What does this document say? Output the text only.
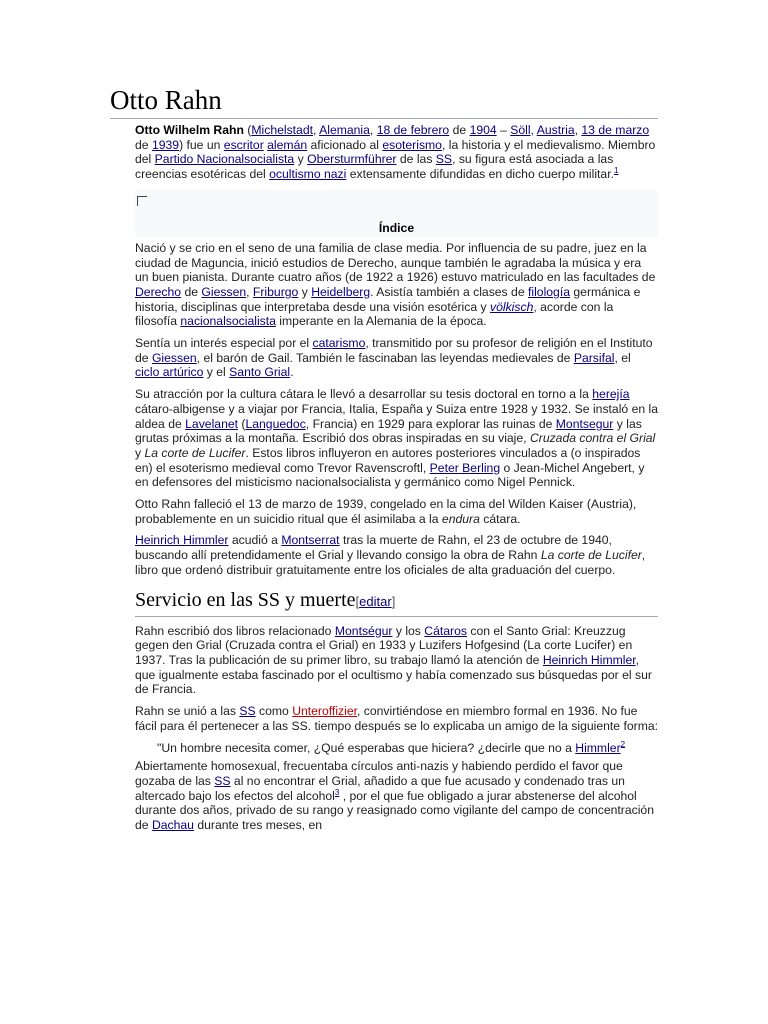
Otto Rahn

Otto Wilhelm Rahn (Michelstadt, Alemania, 18 de febrero de 1904 – Söll, Austria, 13 de marzo de 1939) fue un escritor alemán aficionado al esoterismo, la historia y el medievalismo. Miembro del Partido Nacionalsocialista y Obersturmführer de las SS, su figura está asociada a las creencias esotéricas del ocultismo nazi extensamente difundidas en dicho cuerpo militar.$^1$

Índice

Nació y se crio en el seno de una familia de clase media. Por influencia de su padre, juez en la ciudad de Maguncia, inició estudios de Derecho, aunque también le agradaba la música y era un buen pianista. Durante cuatro años (de 1922 a 1926) estuvo matriculado en las facultades de Derecho de Giessen, Friburgo y Heidelberg. Asistía también a clases de filología germánica e historia, disciplinas que interpretaba desde una visión esotérica y völkisch, acorde con la filosofía nacionalsocialista imperante en la Alemania de la época.

Sentía un interés especial por el catarismo, transmitido por su profesor de religión en el Instituto de Giessen, el barón de Gail. También le fascinaban las leyendas medievales de Parsifal, el ciclo artúrico y el Santo Grial.

Su atracción por la cultura cátara le llevó a desarrollar su tesis doctoral en torno a la herejía cátaro-albigense y a viajar por Francia, Italia, España y Suiza entre 1928 y 1932. Se instaló en la aldea de Lavelanet (Languedoc, Francia) en 1929 para explorar las ruinas de Montsegur y las grutas próximas a la montaña. Escribió dos obras inspiradas en su viaje, Cruzada contra el Grial y La corte de Lucifer. Estos libros influyeron en autores posteriores vinculados a (o inspirados en) el esoterismo medieval como Trevor Ravenscroftl, Peter Berling o Jean-Michel Angebert, y en defensores del misticismo nacionalsocialista y germánico como Nigel Pennick.

Otto Rahn falleció el 13 de marzo de 1939, congelado en la cima del Wilden Kaiser (Austria), probablemente en un suicidio ritual que él asimilaba a la endura cátara.

Heinrich Himmler acudió a Montserrat tras la muerte de Rahn, el 23 de octubre de 1940, buscando allí pretendidamente el Grial y llevando consigo la obra de Rahn La corte de Lucifer, libro que ordenó distribuir gratuitamente entre los oficiales de alta graduación del cuerpo.

Servicio en las SS y muerte[editar]

Rahn escribió dos libros relacionado Montségur y los Cátaros con el Santo Grial: Kreuzzug gegen den Grial (Cruzada contra el Grial) en 1933 y Luzifers Hofgesind (La corte Lucifer) en 1937. Tras la publicación de su primer libro, su trabajo llamó la atención de Heinrich Himmler, que igualmente estaba fascinado por el ocultismo y había comenzado sus búsquedas por el sur de Francia.

Rahn se unió a las SS como Unteroffizier, convirtiéndose en miembro formal en 1936. No fue fácil para él pertenecer a las SS. tiempo después se lo explicaba un amigo de la siguiente forma:

"Un hombre necesita comer, ¿Qué esperabas que hiciera? ¿decirle que no a Himmler$^2$

Abiertamente homosexual, frecuentaba círculos anti-nazis y habiendo perdido el favor que gozaba de las SS al no encontrar el Grial, añadido a que fue acusado y condenado tras un altercado bajo los efectos del alcohol$^3$ , por el que fue obligado a jurar abstenerse del alcohol durante dos años, privado de su rango y reasignado como vigilante del campo de concentración de Dachau durante tres meses, en
